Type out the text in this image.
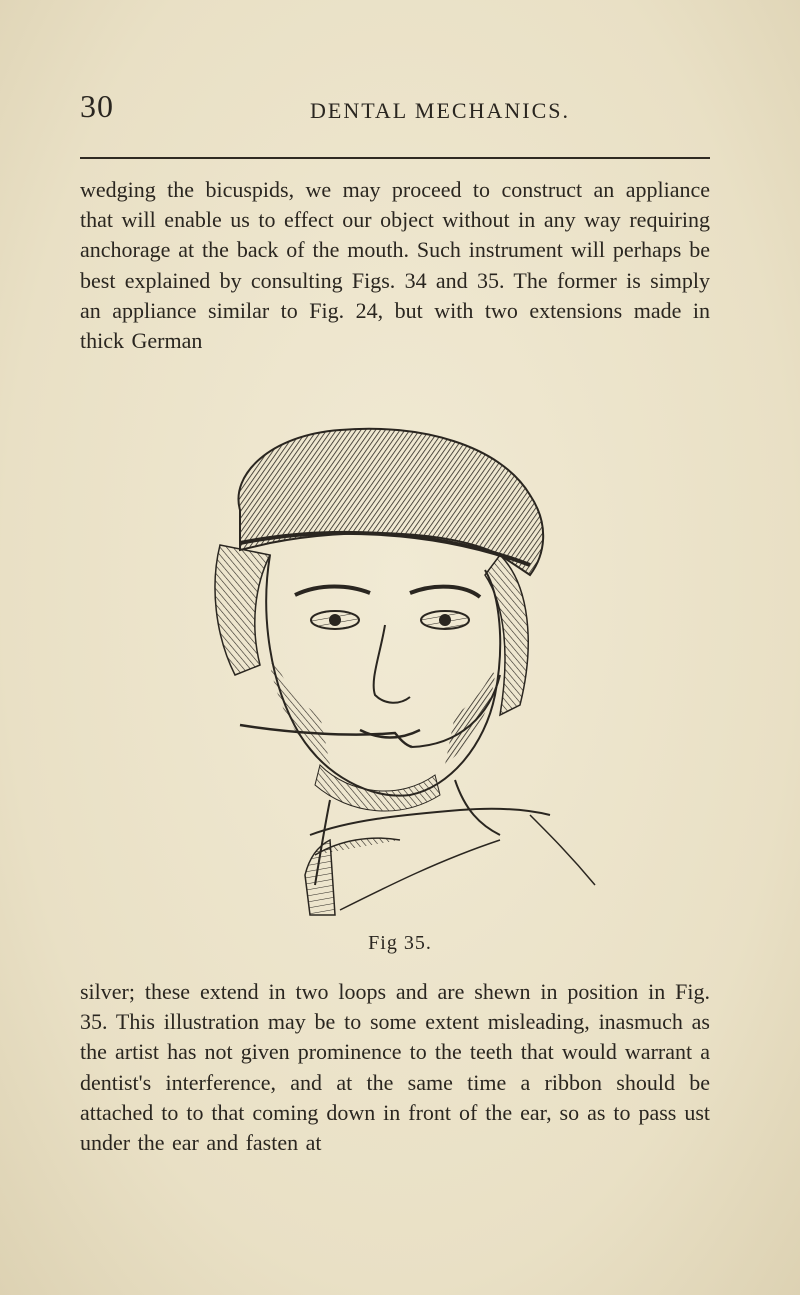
30	DENTAL MECHANICS.

wedging the bicuspids, we may proceed to construct an appliance that will enable us to effect our object without in any way requiring anchorage at the back of the mouth. Such instrument will perhaps be best explained by consulting Figs. 34 and 35. The former is simply an appliance similar to Fig. 24, but with two extensions made in thick German

Fig 35.

silver; these extend in two loops and are shewn in position in Fig. 35. This illustration may be to some extent misleading, inasmuch as the artist has not given prominence to the teeth that would warrant a dentist's interference, and at the same time a ribbon should be attached to to that coming down in front of the ear, so as to pass ust under the ear and fasten at
